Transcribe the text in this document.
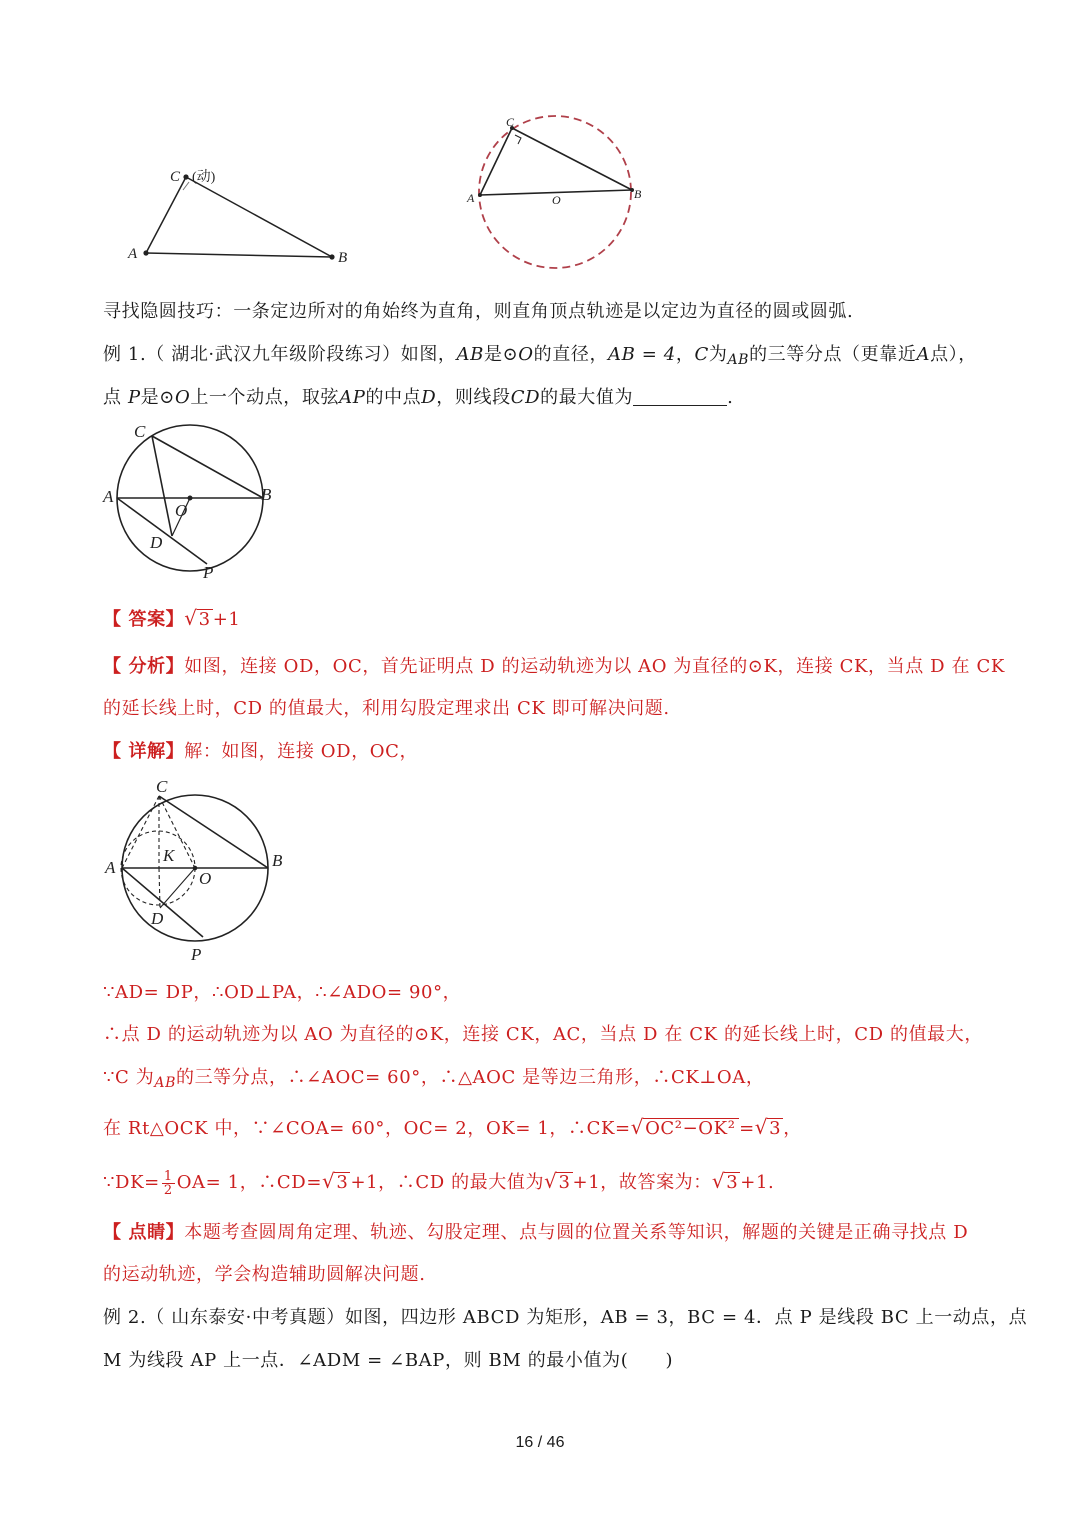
A	B
C (动)
A	B
C
O
寻找隐圆技巧：一条定边所对的角始终为直角，则直角顶点轨迹是以定边为直径的圆或圆弧.
例 1.（ 湖北·武汉九年级阶段练习）如图，AB是⊙O的直径，AB = 4，C为$_{AB}$的三等分点（更靠近A点），
点 P是⊙O上一个动点，取弦AP的中点D，则线段CD的最大值为	.
A	B
C
O
D
P
【 答案】√3 +1
【 分析】如图，连接 OD，OC，首先证明点 D 的运动轨迹为以 AO 为直径的⊙K，连接 CK，当点 D 在 CK
的延长线上时，CD 的值最大，利用勾股定理求出 CK 即可解决问题.
【 详解】解：如图，连接 OD，OC，
A	B
C
K
O
D
P
∵AD= DP，∴OD⊥PA，∴∠ADO= 90°，
∴点 D 的运动轨迹为以 AO 为直径的⊙K，连接 CK，AC，当点 D 在 CK 的延长线上时，CD 的值最大，
∵C 为$_{AB}$的三等分点，∴∠AOC= 60°，∴△AOC 是等边三角形，∴CK⊥OA，
在 Rt△OCK 中，∵∠COA= 60°，OC= 2，OK= 1，∴CK=√OC²−OK² =√3 ，
∵DK= $\frac{1}{2} OA= 1$，∴CD=√3 +1，∴CD 的最大值为√3 +1，故答案为：√3 +1.
【 点睛】本题考查圆周角定理、轨迹、勾股定理、点与圆的位置关系等知识，解题的关键是正确寻找点 D
的运动轨迹，学会构造辅助圆解决问题.
例 2.（ 山东泰安·中考真题）如图，四边形 ABCD 为矩形，AB = 3，BC = 4．点 P 是线段 BC 上一动点，点
M 为线段 AP 上一点．∠ADM = ∠BAP，则 BM 的最小值为(　　)
16 / 46
